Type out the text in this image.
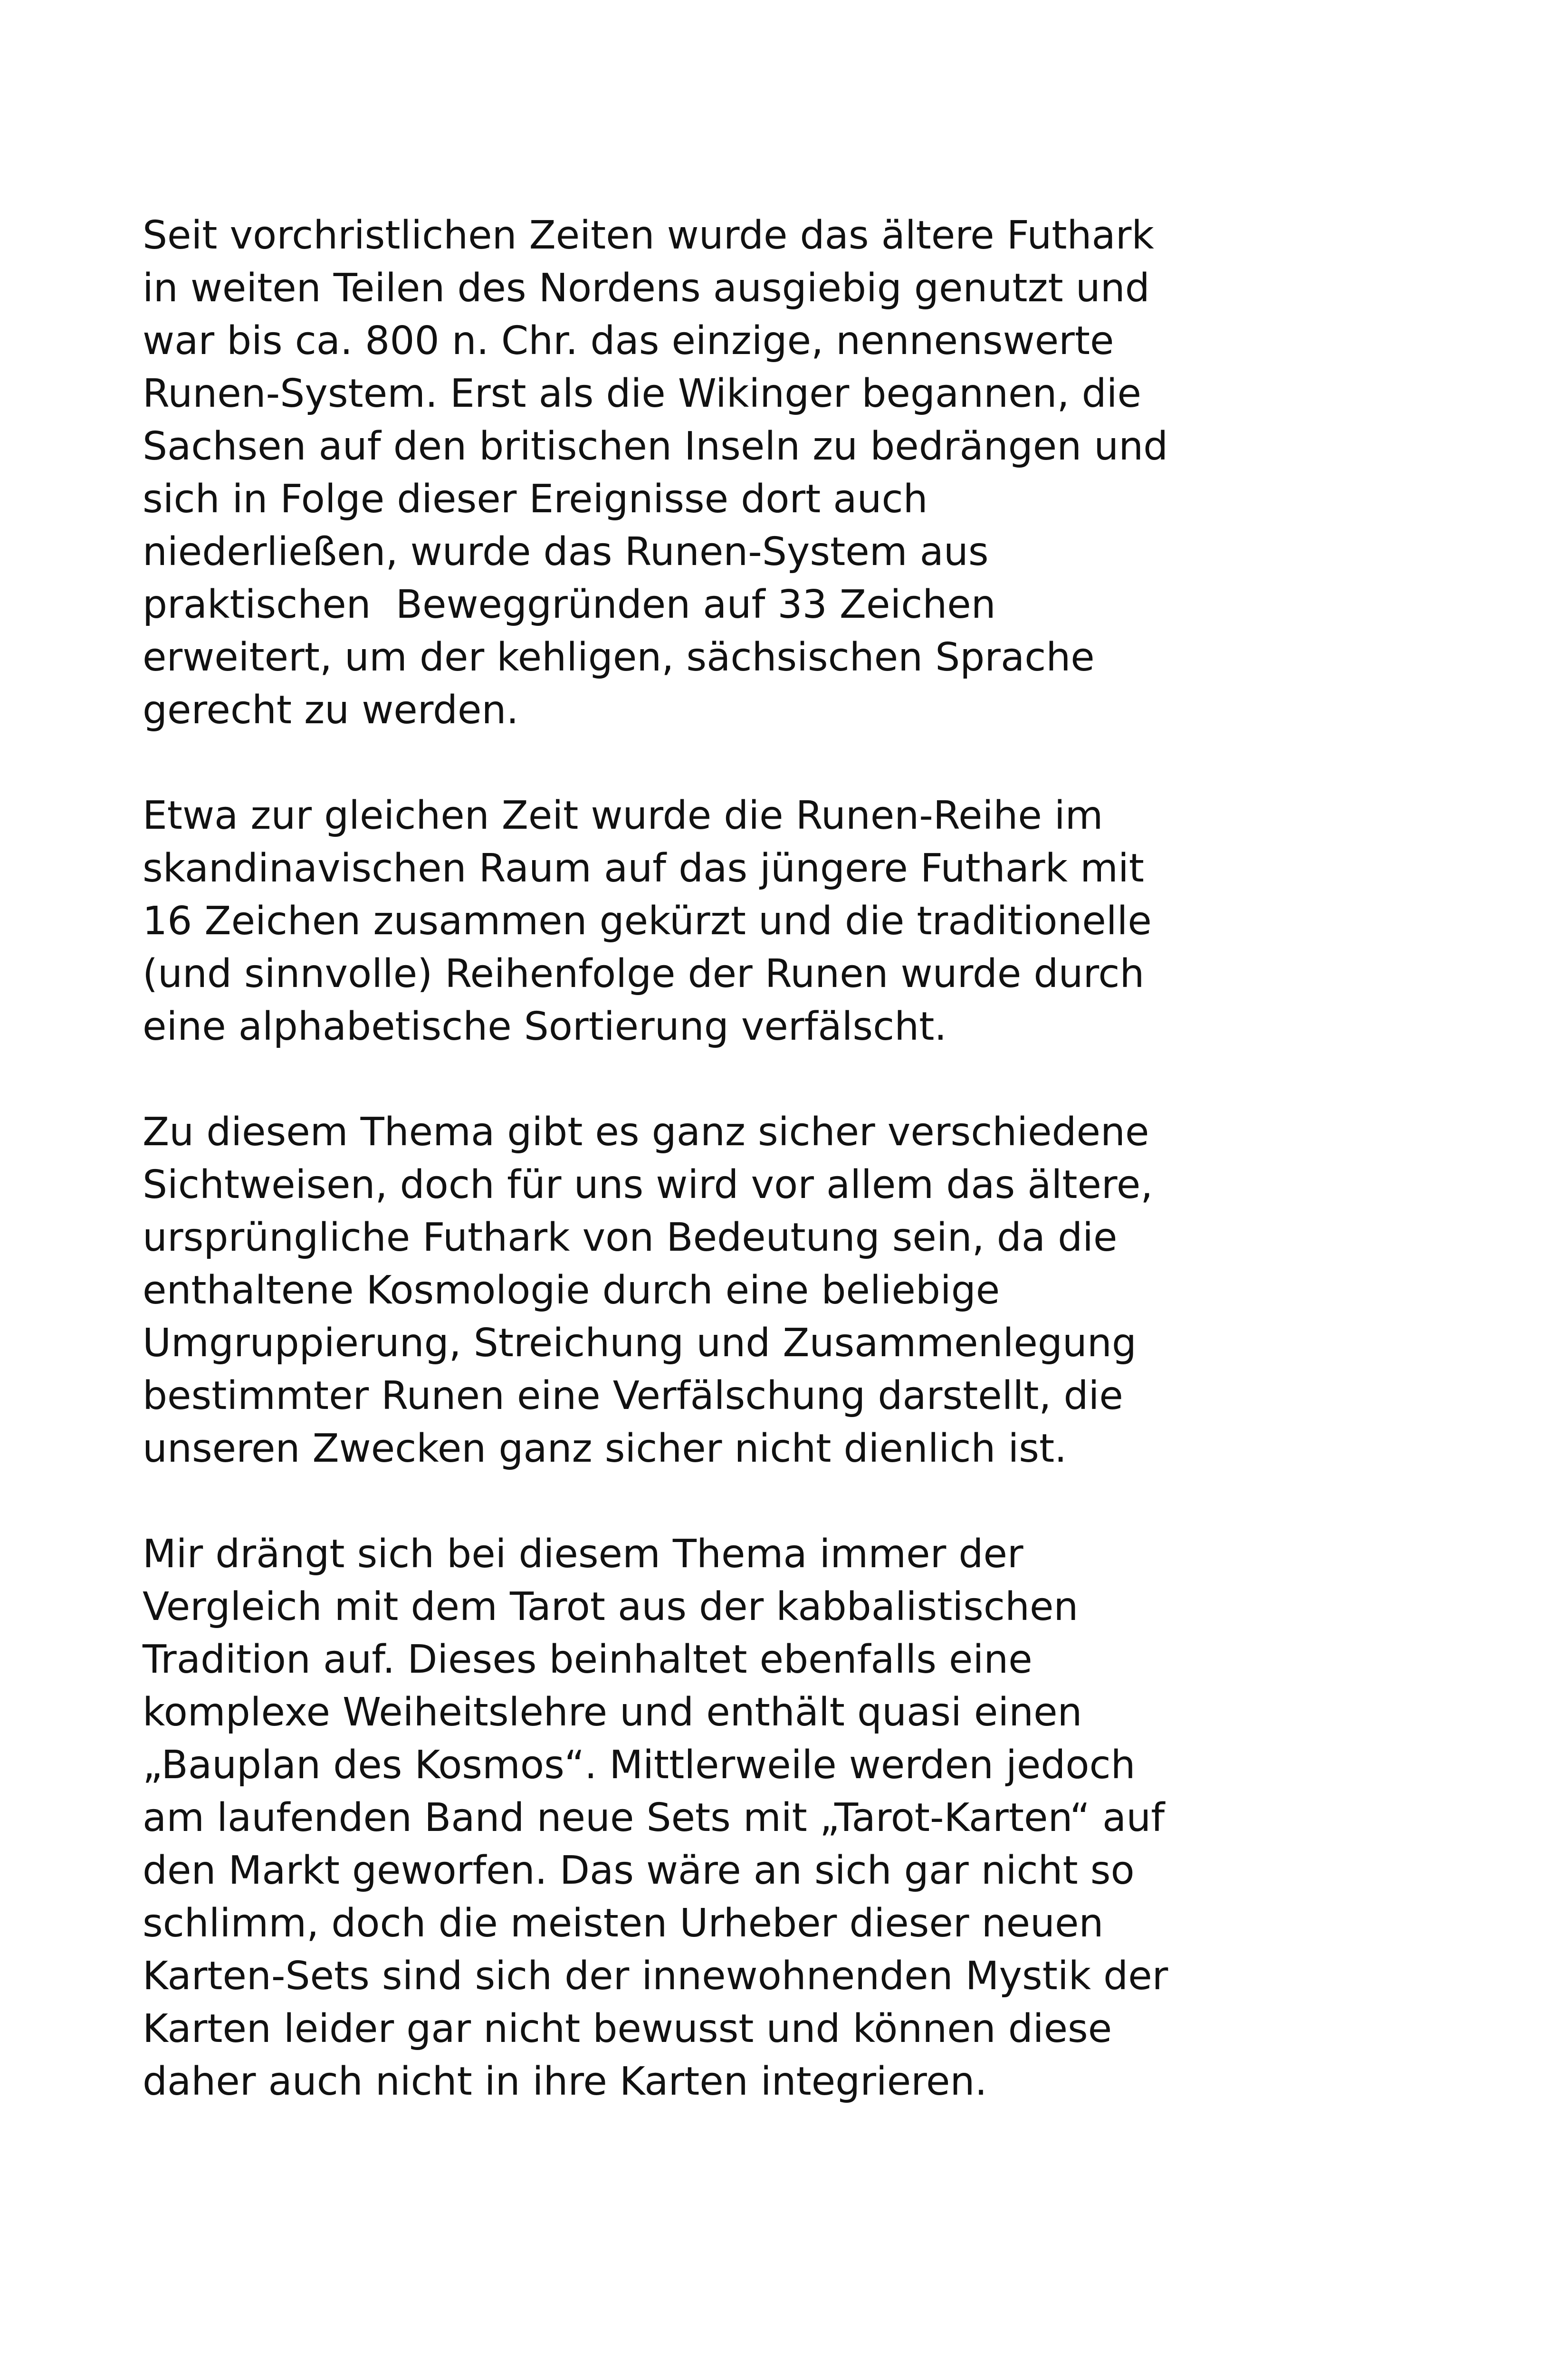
Seit vorchristlichen Zeiten wurde das ältere Futhark
in weiten Teilen des Nordens ausgiebig genutzt und
war bis ca. 800 n. Chr. das einzige, nennenswerte
Runen-System. Erst als die Wikinger begannen, die
Sachsen auf den britischen Inseln zu bedrängen und
sich in Folge dieser Ereignisse dort auch
niederließen, wurde das Runen-System aus
praktischen  Beweggründen auf 33 Zeichen
erweitert, um der kehligen, sächsischen Sprache
gerecht zu werden.

Etwa zur gleichen Zeit wurde die Runen-Reihe im
skandinavischen Raum auf das jüngere Futhark mit
16 Zeichen zusammen gekürzt und die traditionelle
(und sinnvolle) Reihenfolge der Runen wurde durch
eine alphabetische Sortierung verfälscht.

Zu diesem Thema gibt es ganz sicher verschiedene
Sichtweisen, doch für uns wird vor allem das ältere,
ursprüngliche Futhark von Bedeutung sein, da die
enthaltene Kosmologie durch eine beliebige
Umgruppierung, Streichung und Zusammenlegung
bestimmter Runen eine Verfälschung darstellt, die
unseren Zwecken ganz sicher nicht dienlich ist.

Mir drängt sich bei diesem Thema immer der
Vergleich mit dem Tarot aus der kabbalistischen
Tradition auf. Dieses beinhaltet ebenfalls eine
komplexe Weiheitslehre und enthält quasi einen
„Bauplan des Kosmos“. Mittlerweile werden jedoch
am laufenden Band neue Sets mit „Tarot-Karten“ auf
den Markt geworfen. Das wäre an sich gar nicht so
schlimm, doch die meisten Urheber dieser neuen
Karten-Sets sind sich der innewohnenden Mystik der
Karten leider gar nicht bewusst und können diese
daher auch nicht in ihre Karten integrieren.
